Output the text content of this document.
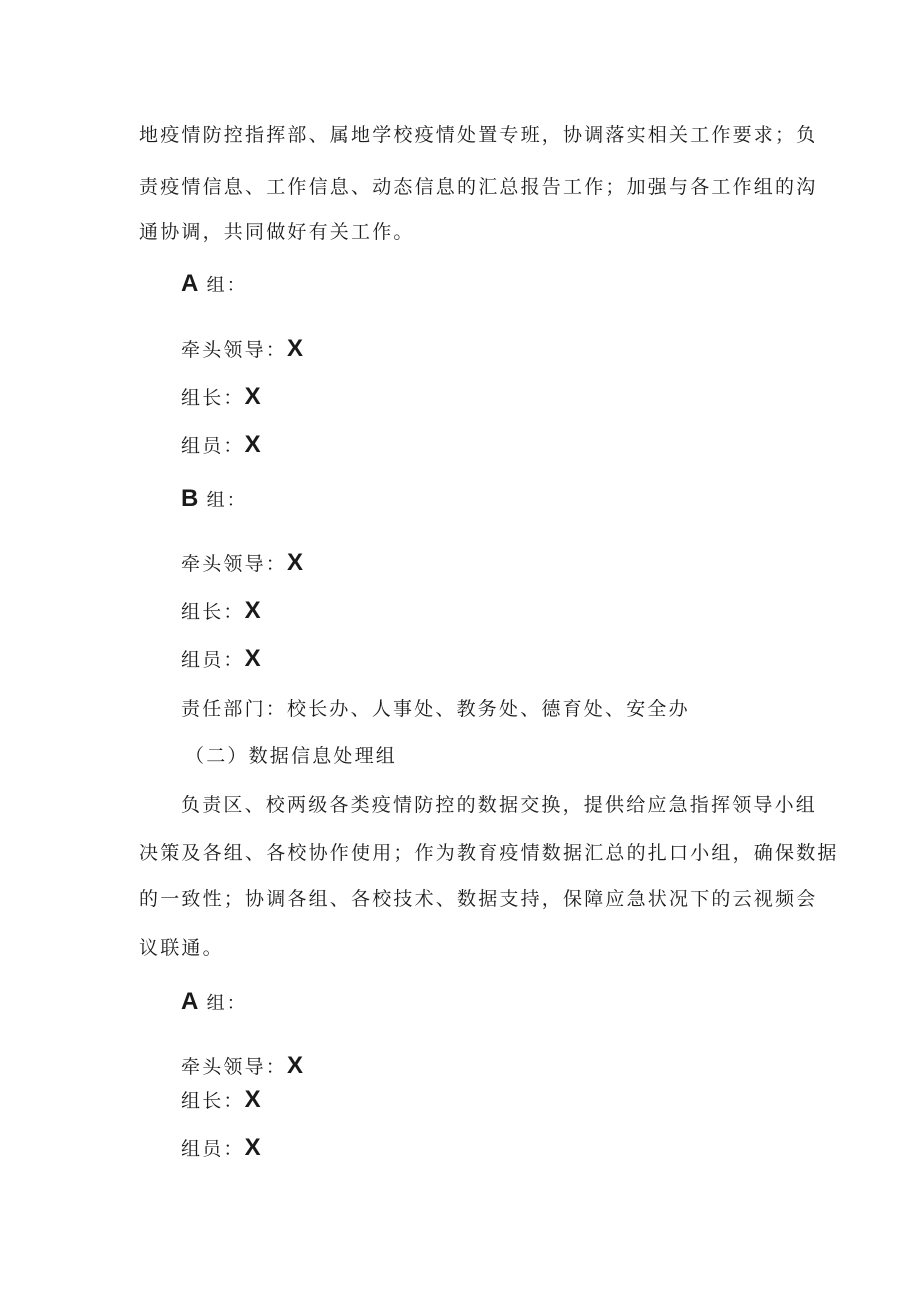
地疫情防控指挥部、属地学校疫情处置专班，协调落实相关工作要求；负
责疫情信息、工作信息、动态信息的汇总报告工作；加强与各工作组的沟
通协调，共同做好有关工作。
A 组：
牵头领导：X
组长：X
组员：X
B 组：
牵头领导：X
组长：X
组员：X
责任部门：校长办、人事处、教务处、德育处、安全办
（二）数据信息处理组
负责区、校两级各类疫情防控的数据交换，提供给应急指挥领导小组
决策及各组、各校协作使用；作为教育疫情数据汇总的扎口小组，确保数据
的一致性；协调各组、各校技术、数据支持，保障应急状况下的云视频会
议联通。
A 组：
牵头领导：X
组长：X
组员：X
